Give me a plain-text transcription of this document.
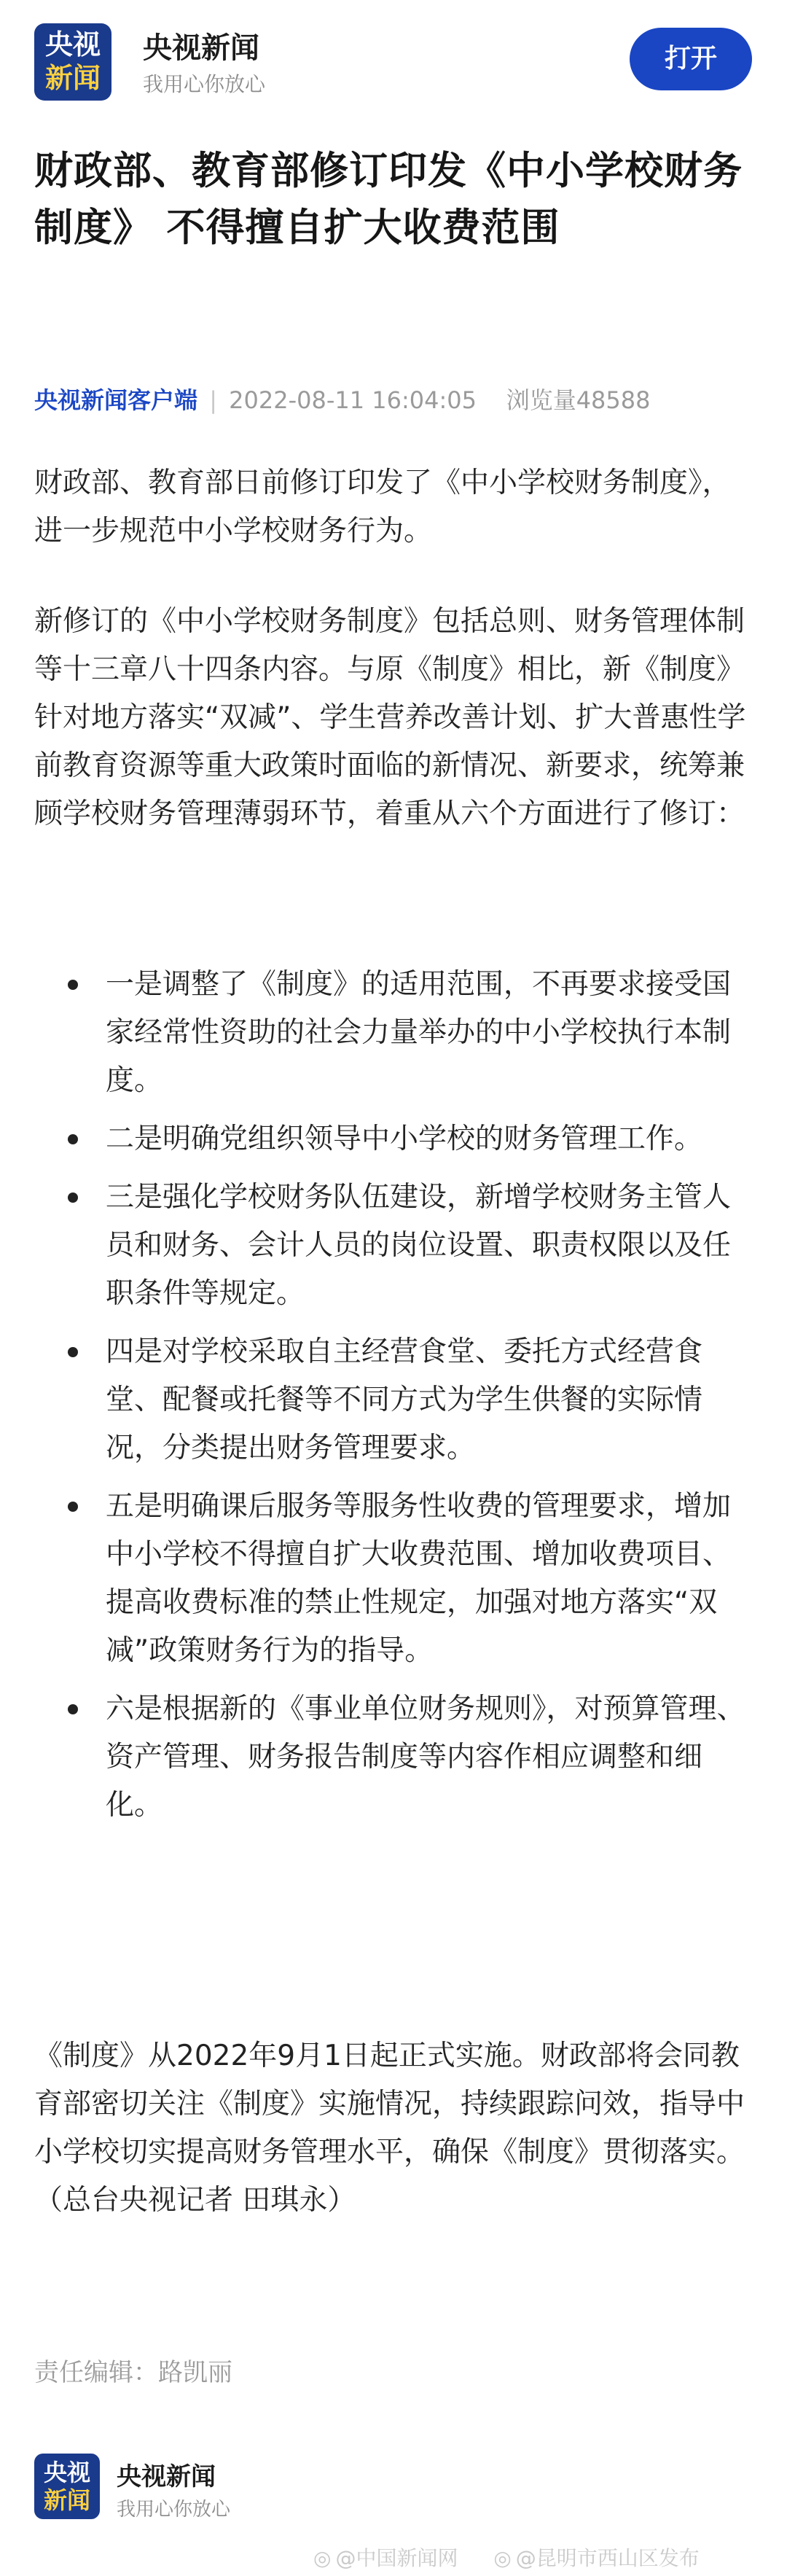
央视
新闻
央视新闻
我用心你放心
打开
财政部、教育部修订印发《中小学校财务制度》 不得擅自扩大收费范围
央视新闻客户端 | 2022-08-11 16:04:05 浏览量48588
财政部、教育部日前修订印发了《中小学校财务制度》，进一步规范中小学校财务行为。
新修订的《中小学校财务制度》包括总则、财务管理体制等十三章八十四条内容。与原《制度》相比，新《制度》针对地方落实“双减”、学生营养改善计划、扩大普惠性学前教育资源等重大政策时面临的新情况、新要求，统筹兼顾学校财务管理薄弱环节，着重从六个方面进行了修订：
一是调整了《制度》的适用范围，不再要求接受国家经常性资助的社会力量举办的中小学校执行本制度。
二是明确党组织领导中小学校的财务管理工作。
三是强化学校财务队伍建设，新增学校财务主管人员和财务、会计人员的岗位设置、职责权限以及任职条件等规定。
四是对学校采取自主经营食堂、委托方式经营食堂、配餐或托餐等不同方式为学生供餐的实际情况，分类提出财务管理要求。
五是明确课后服务等服务性收费的管理要求，增加中小学校不得擅自扩大收费范围、增加收费项目、提高收费标准的禁止性规定，加强对地方落实“双减”政策财务行为的指导。
六是根据新的《事业单位财务规则》，对预算管理、资产管理、财务报告制度等内容作相应调整和细化。
《制度》从2022年9月1日起正式实施。财政部将会同教育部密切关注《制度》实施情况，持续跟踪问效，指导中小学校切实提高财务管理水平，确保《制度》贯彻落实。（总台央视记者 田琪永）
责任编辑：路凯丽
央视
新闻
央视新闻
我用心你放心
◎ @中国新闻网 ◎ @昆明市西山区发布
